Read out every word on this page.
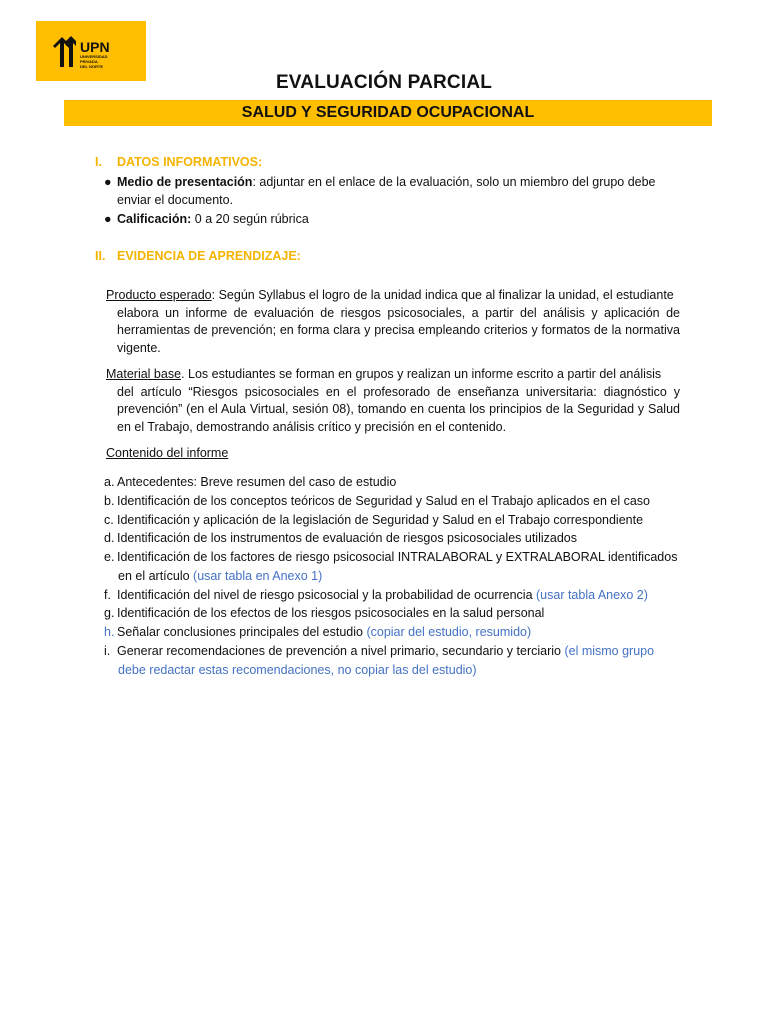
UPN
UNIVERSIDAD
PRIVADA
DEL NORTE
EVALUACIÓN PARCIAL
SALUD Y SEGURIDAD OCUPACIONAL
I. DATOS INFORMATIVOS:
● Medio de presentación: adjuntar en el enlace de la evaluación, solo un miembro del grupo debe
enviar el documento.
● Calificación: 0 a 20 según rúbrica
II. EVIDENCIA DE APRENDIZAJE:
Producto esperado: Según Syllabus el logro de la unidad indica que al finalizar la unidad, el estudiante
elabora un informe de evaluación de riesgos psicosociales, a partir del análisis y aplicación de herramientas de prevención; en forma clara y precisa empleando criterios y formatos de la normativa vigente.
Material base. Los estudiantes se forman en grupos y realizan un informe escrito a partir del análisis
del artículo “Riesgos psicosociales en el profesorado de enseñanza universitaria: diagnóstico y prevención” (en el Aula Virtual, sesión 08), tomando en cuenta los principios de la Seguridad y Salud en el Trabajo, demostrando análisis crítico y precisión en el contenido.
Contenido del informe
a. Antecedentes: Breve resumen del caso de estudio
b. Identificación de los conceptos teóricos de Seguridad y Salud en el Trabajo aplicados en el caso
c. Identificación y aplicación de la legislación de Seguridad y Salud en el Trabajo correspondiente
d. Identificación de los instrumentos de evaluación de riesgos psicosociales utilizados
e. Identificación de los factores de riesgo psicosocial INTRALABORAL y EXTRALABORAL identificados
en el artículo (usar tabla en Anexo 1)
f. Identificación del nivel de riesgo psicosocial y la probabilidad de ocurrencia (usar tabla Anexo 2)
g. Identificación de los efectos de los riesgos psicosociales en la salud personal
h. Señalar conclusiones principales del estudio (copiar del estudio, resumido)
i. Generar recomendaciones de prevención a nivel primario, secundario y terciario (el mismo grupo
debe redactar estas recomendaciones, no copiar las del estudio)
